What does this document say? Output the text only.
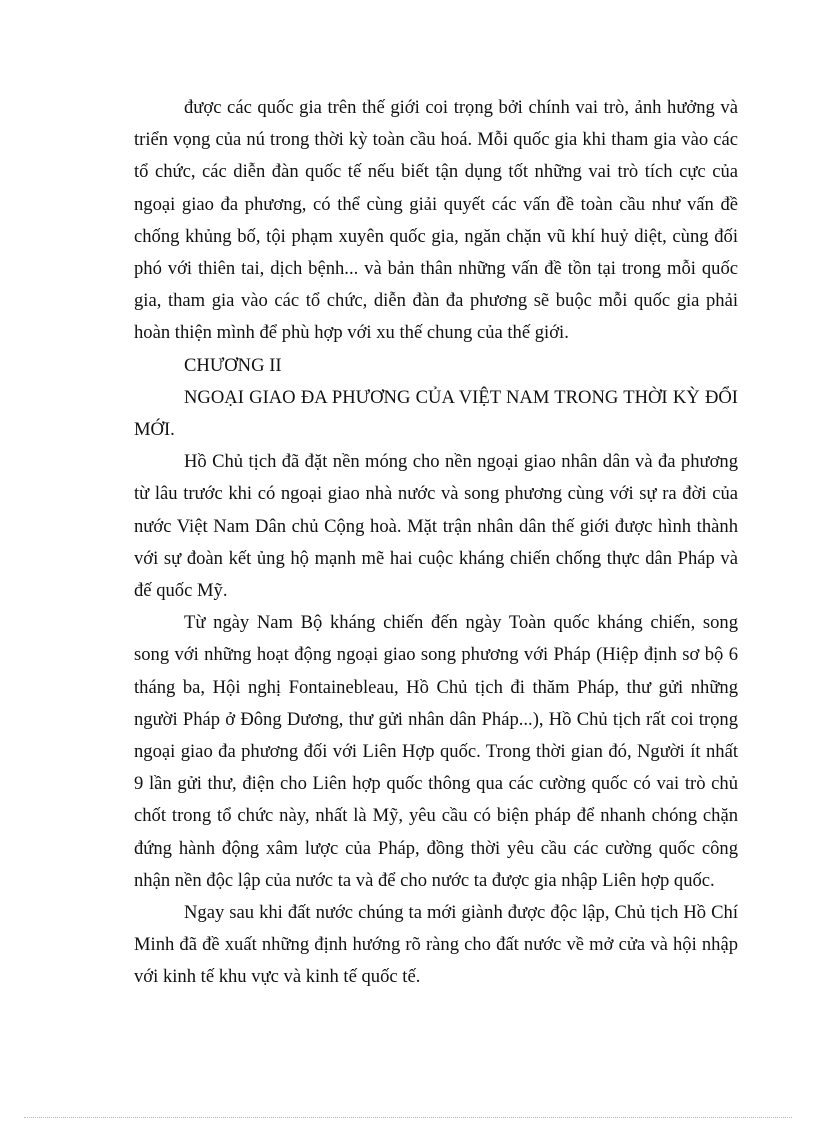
được các quốc gia trên thế giới coi trọng bởi chính vai trò, ảnh hưởng và triển vọng của nú trong thời kỳ toàn cầu hoá. Mỗi quốc gia khi tham gia vào các tổ chức, các diễn đàn quốc tế nếu biết tận dụng tốt những vai trò tích cực của ngoại giao đa phương, có thể cùng giải quyết các vấn đề toàn cầu như vấn đề chống khủng bố, tội phạm xuyên quốc gia, ngăn chặn vũ khí huỷ diệt, cùng đối phó với thiên tai, dịch bệnh... và bản thân những vấn đề tồn tại trong mỗi quốc gia, tham gia vào các tổ chức, diễn đàn đa phương sẽ buộc mỗi quốc gia phải hoàn thiện mình để phù hợp với xu thế chung của thế giới.

CHƯƠNG II

NGOẠI GIAO ĐA PHƯƠNG CỦA VIỆT NAM TRONG THỜI KỲ ĐỔI MỚI.

Hồ Chủ tịch đã đặt nền móng cho nền ngoại giao nhân dân và đa phương từ lâu trước khi có ngoại giao nhà nước và song phương cùng với sự ra đời của nước Việt Nam Dân chủ Cộng hoà. Mặt trận nhân dân thế giới được hình thành với sự đoàn kết ủng hộ mạnh mẽ hai cuộc kháng chiến chống thực dân Pháp và đế quốc Mỹ.

Từ ngày Nam Bộ kháng chiến đến ngày Toàn quốc kháng chiến, song song với những hoạt động ngoại giao song phương với Pháp (Hiệp định sơ bộ 6 tháng ba, Hội nghị Fontainebleau, Hồ Chủ tịch đi thăm Pháp, thư gửi những người Pháp ở Đông Dương, thư gửi nhân dân Pháp...), Hồ Chủ tịch rất coi trọng ngoại giao đa phương đối với Liên Hợp quốc. Trong thời gian đó, Người ít nhất 9 lần gửi thư, điện cho Liên hợp quốc thông qua các cường quốc có vai trò chủ chốt trong tổ chức này, nhất là Mỹ, yêu cầu có biện pháp để nhanh chóng chặn đứng hành động xâm lược của Pháp, đồng thời yêu cầu các cường quốc công nhận nền độc lập của nước ta và để cho nước ta được gia nhập Liên hợp quốc.

Ngay sau khi đất nước chúng ta mới giành được độc lập, Chủ tịch Hồ Chí Minh đã đề xuất những định hướng rõ ràng cho đất nước về mở cửa và hội nhập với kinh tế khu vực và kinh tế quốc tế.
